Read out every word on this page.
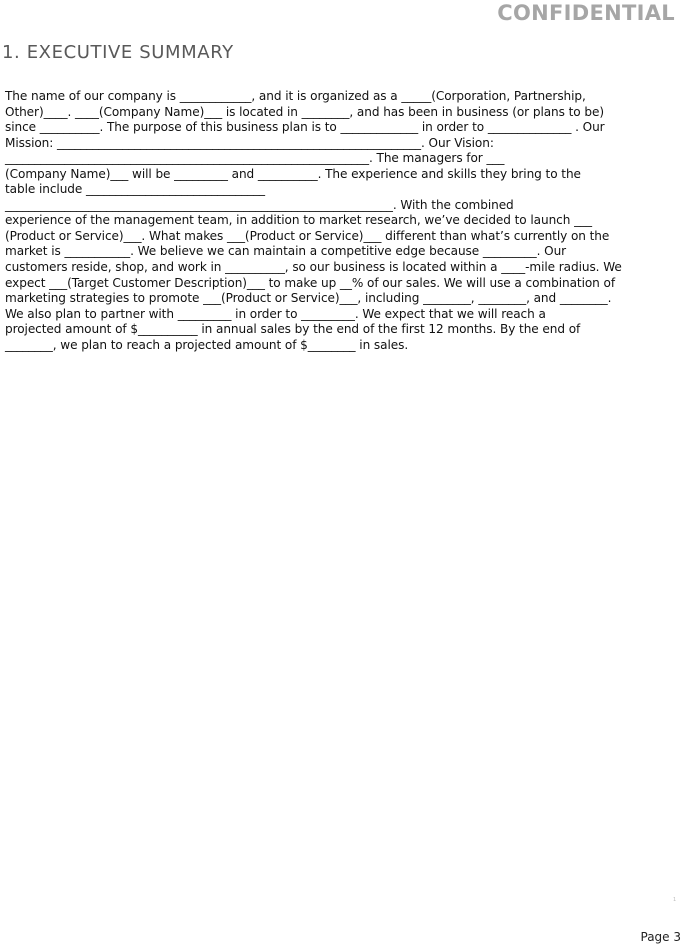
CONFIDENTIAL

1. EXECUTIVE SUMMARY

The name of our company is ____________, and it is organized as a _____(Corporation, Partnership,
Other)____. ____(Company Name)___ is located in ________, and has been in business (or plans to be)
since __________. The purpose of this business plan is to _____________ in order to ______________ . Our
Mission: _____________________________________________________________. Our Vision:
_____________________________________________________________. The managers for ___
(Company Name)___ will be _________ and __________. The experience and skills they bring to the
table include ______________________________
_________________________________________________________________. With the combined
experience of the management team, in addition to market research, we’ve decided to launch ___
(Product or Service)___. What makes ___(Product or Service)___ different than what’s currently on the
market is ___________. We believe we can maintain a competitive edge because _________. Our
customers reside, shop, and work in __________, so our business is located within a ____-mile radius. We
expect ___(Target Customer Description)___ to make up __% of our sales. We will use a combination of
marketing strategies to promote ___(Product or Service)___, including ________, ________, and ________.
We also plan to partner with _________ in order to _________. We expect that we will reach a
projected amount of $__________ in annual sales by the end of the first 12 months. By the end of
________, we plan to reach a projected amount of $________ in sales.

1

Page 3
